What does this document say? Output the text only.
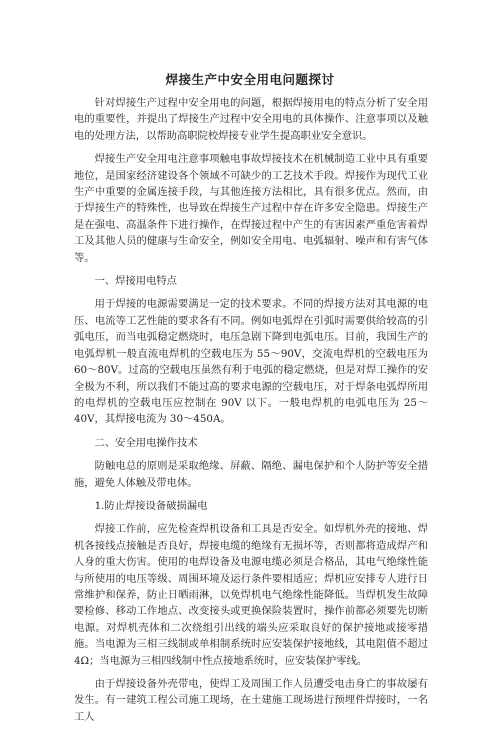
焊接生产中安全用电问题探讨

针对焊接生产过程中安全用电的问题，根据焊接用电的特点分析了安全用电的重要性，并提出了焊接生产过程中安全用电的具体操作、注意事项以及触电的处理方法，以帮助高职院校焊接专业学生提高职业安全意识。

焊接生产安全用电注意事项触电事故焊接技术在机械制造工业中具有重要地位，是国家经济建设各个领域不可缺少的工艺技术手段。焊接作为现代工业生产中重要的金属连接手段，与其他连接方法相比，具有很多优点。然而，由于焊接生产的特殊性，也导致在焊接生产过程中存在许多安全隐患。焊接生产是在强电、高温条件下进行操作，在焊接过程中产生的有害因素严重危害着焊工及其他人员的健康与生命安全，例如安全用电、电弧辐射、噪声和有害气体等。

一、焊接用电特点

用于焊接的电源需要满足一定的技术要求。不同的焊接方法对其电源的电压、电流等工艺性能的要求各有不同。例如电弧焊在引弧时需要供给较高的引弧电压，而当电弧稳定燃烧时，电压急剧下降到电弧电压。目前，我国生产的电弧焊机一般直流电焊机的空载电压为 55～90V，交流电焊机的空载电压为 60～80V。过高的空载电压虽然有利于电弧的稳定燃烧，但是对焊工操作的安全极为不利，所以我们不能过高的要求电源的空载电压，对于焊条电弧焊所用的电焊机的空载电压应控制在 90V 以下。一般电焊机的电弧电压为 25～40V，其焊接电流为 30～450A。

二、安全用电操作技术

防触电总的原则是采取绝缘、屏蔽、隔绝、漏电保护和个人防护等安全措施，避免人体触及带电体。

1.防止焊接设备破损漏电

焊接工作前，应先检查焊机设备和工具是否安全。如焊机外壳的接地、焊机各接线点接触是否良好，焊接电缆的绝缘有无损坏等，否则都将造成焊产和人身的重大伤害。使用的电焊设备及电源电缆必须是合格品，其电气绝缘性能与所使用的电压等级、周围环境及运行条件要相适应；焊机应安排专人进行日常维护和保养，防止日晒雨淋，以免焊机电气绝缘性能降低。当焊机发生故障要检修、移动工作地点、改变接头或更换保险装置时，操作前都必须要先切断电源。对焊机壳体和二次绕组引出线的端头应采取良好的保护接地或接零措施。当电源为三相三线制或单相制系统时应安装保护接地线，其电阻值不超过 4Ω；当电源为三相四线制中性点接地系统时，应安装保护零线。

由于焊接设备外壳带电，使焊工及周围工作人员遭受电击身亡的事故屡有发生。有一建筑工程公司施工现场，在土建施工现场进行预埋件焊接时，一名工人
